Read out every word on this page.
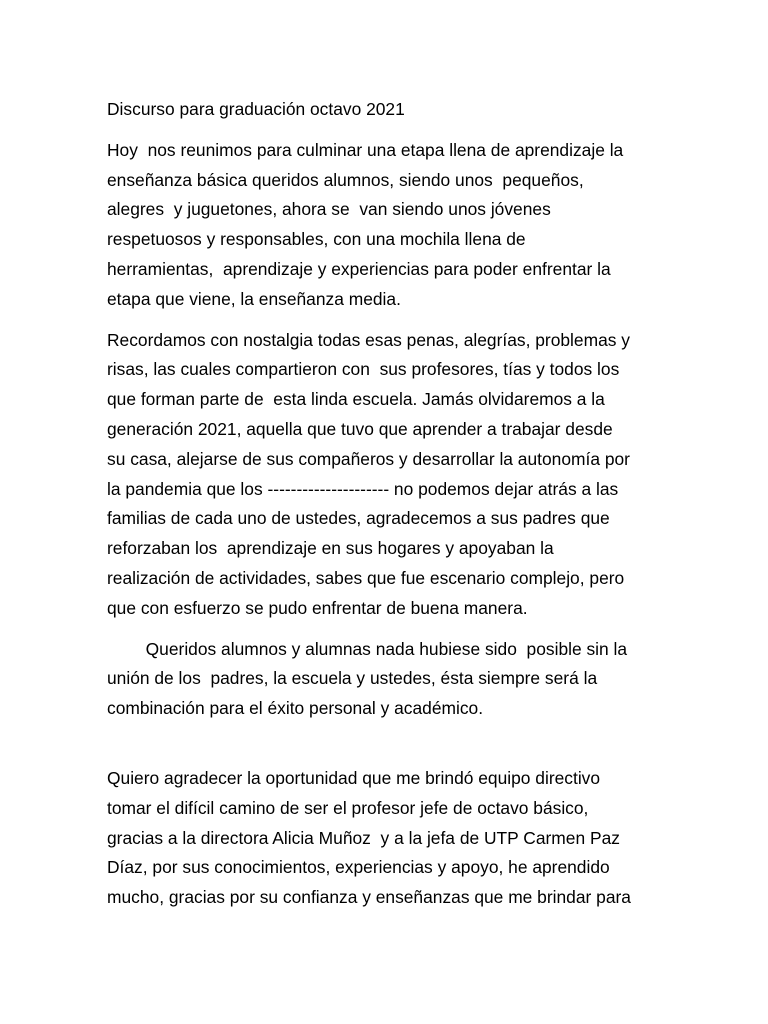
Discurso para graduación octavo 2021
Hoy  nos reunimos para culminar una etapa llena de aprendizaje la
enseñanza básica queridos alumnos, siendo unos  pequeños,
alegres  y juguetones, ahora se  van siendo unos jóvenes
respetuosos y responsables, con una mochila llena de
herramientas,  aprendizaje y experiencias para poder enfrentar la
etapa que viene, la enseñanza media.
Recordamos con nostalgia todas esas penas, alegrías, problemas y
risas, las cuales compartieron con  sus profesores, tías y todos los
que forman parte de  esta linda escuela. Jamás olvidaremos a la
generación 2021, aquella que tuvo que aprender a trabajar desde
su casa, alejarse de sus compañeros y desarrollar la autonomía por
la pandemia que los --------------------- no podemos dejar atrás a las
familias de cada uno de ustedes, agradecemos a sus padres que
reforzaban los  aprendizaje en sus hogares y apoyaban la
realización de actividades, sabes que fue escenario complejo, pero
que con esfuerzo se pudo enfrentar de buena manera.
Queridos alumnos y alumnas nada hubiese sido  posible sin la
unión de los  padres, la escuela y ustedes, ésta siempre será la
combinación para el éxito personal y académico.
Quiero agradecer la oportunidad que me brindó equipo directivo
tomar el difícil camino de ser el profesor jefe de octavo básico,
gracias a la directora Alicia Muñoz  y a la jefa de UTP Carmen Paz
Díaz, por sus conocimientos, experiencias y apoyo, he aprendido
mucho, gracias por su confianza y enseñanzas que me brindar para
